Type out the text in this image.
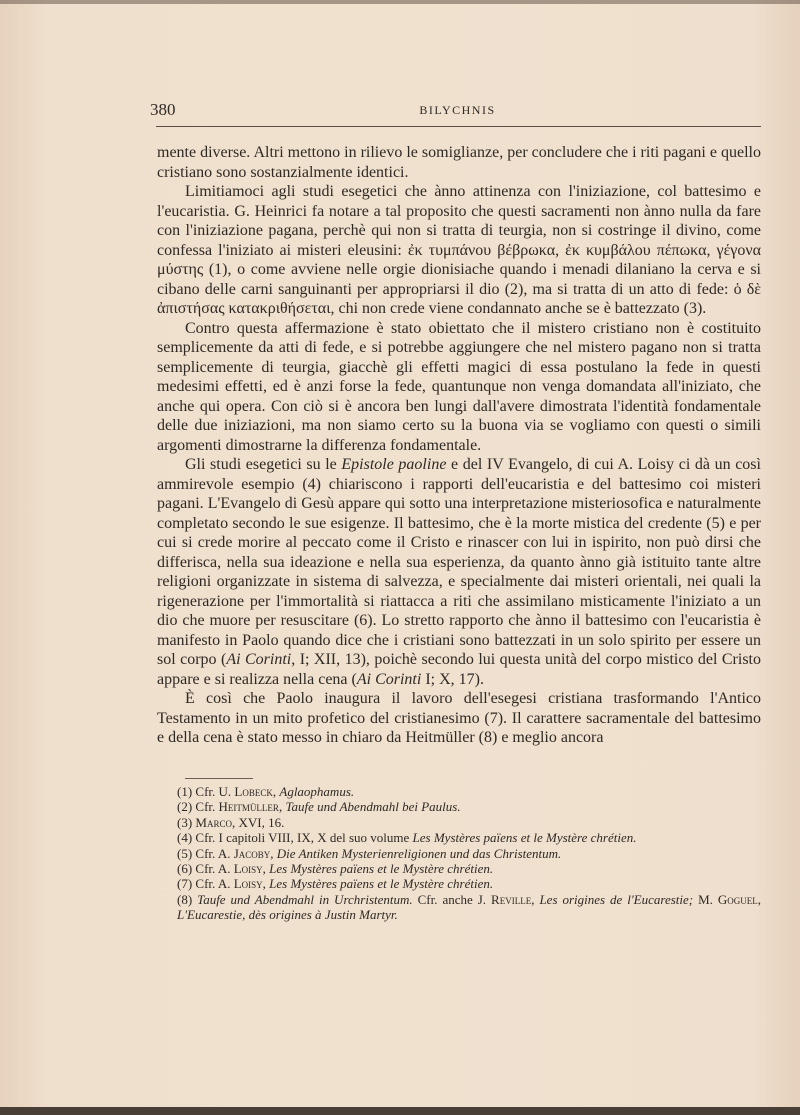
380	BILYCHNIS

mente diverse. Altri mettono in rilievo le somiglianze, per concludere che i riti pagani e quello cristiano sono sostanzialmente identici.

Limitiamoci agli studi esegetici che ànno attinenza con l'iniziazione, col battesimo e l'eucaristia. G. Heinrici fa notare a tal proposito che questi sacramenti non ànno nulla da fare con l'iniziazione pagana, perchè qui non si tratta di teurgia, non si costringe il divino, come confessa l'iniziato ai misteri eleusini: ἐκ τυμπάνου βέβρωκα, ἐκ κυμβάλου πέπωκα, γέγονα μύστης (1), o come avviene nelle orgie dionisiache quando i menadi dilaniano la cerva e si cibano delle carni sanguinanti per appropriarsi il dio (2), ma si tratta di un atto di fede: ὁ δὲ ἀπιστήσας κατακριθήσεται, chi non crede viene condannato anche se è battezzato (3).

Contro questa affermazione è stato obiettato che il mistero cristiano non è costituito semplicemente da atti di fede, e si potrebbe aggiungere che nel mistero pagano non si tratta semplicemente di teurgia, giacchè gli effetti magici di essa postulano la fede in questi medesimi effetti, ed è anzi forse la fede, quantunque non venga domandata all'iniziato, che anche qui opera. Con ciò si è ancora ben lungi dall'avere dimostrata l'identità fondamentale delle due iniziazioni, ma non siamo certo su la buona via se vogliamo con questi o simili argomenti dimostrarne la differenza fondamentale.

Gli studi esegetici su le Epistole paoline e del IV Evangelo, di cui A. Loisy ci dà un così ammirevole esempio (4) chiariscono i rapporti dell'eucaristia e del battesimo coi misteri pagani. L'Evangelo di Gesù appare qui sotto una interpretazione misteriosofica e naturalmente completato secondo le sue esigenze. Il battesimo, che è la morte mistica del credente (5) e per cui si crede morire al peccato come il Cristo e rinascer con lui in ispirito, non può dirsi che differisca, nella sua ideazione e nella sua esperienza, da quanto ànno già istituito tante altre religioni organizzate in sistema di salvezza, e specialmente dai misteri orientali, nei quali la rigenerazione per l'immortalità si riattacca a riti che assimilano misticamente l'iniziato a un dio che muore per resuscitare (6). Lo stretto rapporto che ànno il battesimo con l'eucaristia è manifesto in Paolo quando dice che i cristiani sono battezzati in un solo spirito per essere un sol corpo (Ai Corinti, I; XII, 13), poichè secondo lui questa unità del corpo mistico del Cristo appare e si realizza nella cena (Ai Corinti I; X, 17).

È così che Paolo inaugura il lavoro dell'esegesi cristiana trasformando l'Antico Testamento in un mito profetico del cristianesimo (7). Il carattere sacramentale del battesimo e della cena è stato messo in chiaro da Heitmüller (8) e meglio ancora

(1) Cfr. U. Lobeck, Aglaophamus.
(2) Cfr. Heitmüller, Taufe und Abendmahl bei Paulus.
(3) Marco, XVI, 16.
(4) Cfr. I capitoli VIII, IX, X del suo volume Les Mystères païens et le Mystère chrétien.
(5) Cfr. A. Jacoby, Die Antiken Mysterienreligionen und das Christentum.
(6) Cfr. A. Loisy, Les Mystères païens et le Mystère chrétien.
(7) Cfr. A. Loisy, Les Mystères païens et le Mystère chrétien.
(8) Taufe und Abendmahl in Urchristentum. Cfr. anche J. Reville, Les origines de l'Eucarestie; M. Goguel, L'Eucarestie, dès origines à Justin Martyr.
